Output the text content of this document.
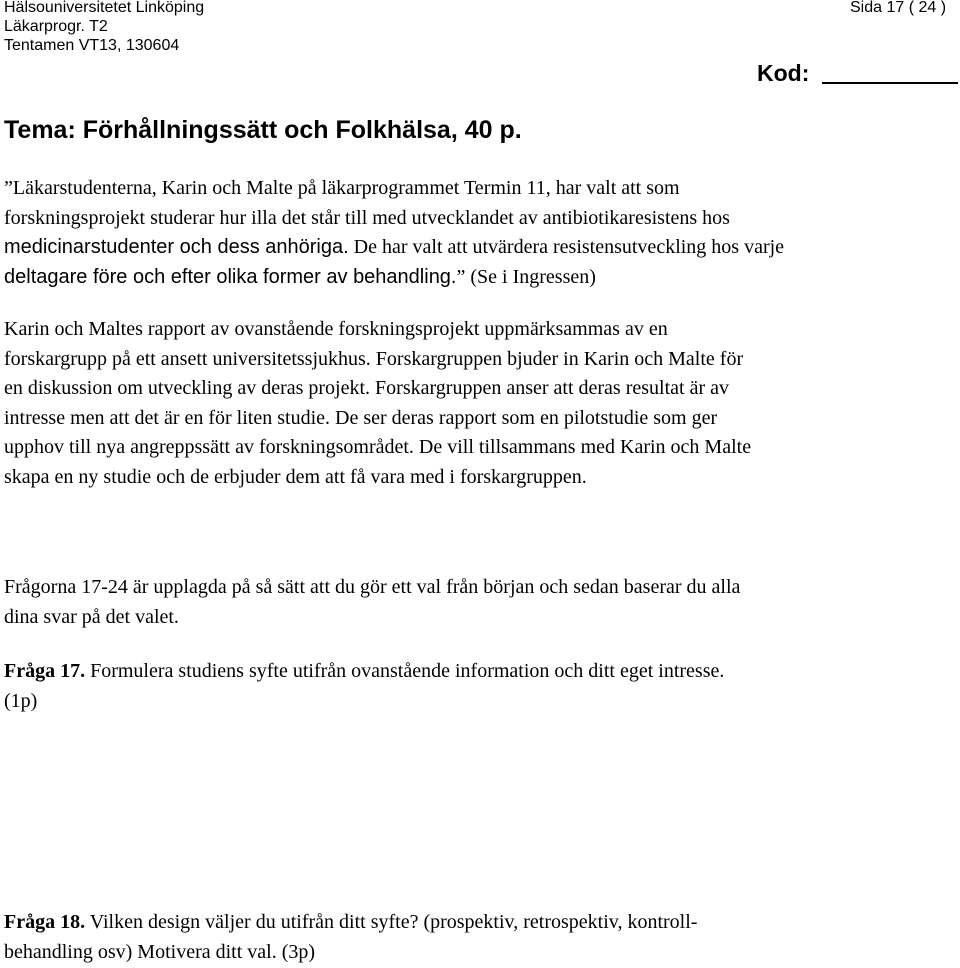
Hälsouniversitetet Linköping
Läkarprogr. T2
Tentamen VT13, 130604
Sida 17 ( 24 )
Kod:
Tema: Förhållningssätt och Folkhälsa, 40 p.
”Läkarstudenterna, Karin och Malte på läkarprogrammet Termin 11, har valt att som
forskningsprojekt studerar hur illa det står till med utvecklandet av antibiotikaresistens hos
medicinarstudenter och dess anhöriga. De har valt att utvärdera resistensutveckling hos varje
deltagare före och efter olika former av behandling.” (Se i Ingressen)
Karin och Maltes rapport av ovanstående forskningsprojekt uppmärksammas av en
forskargrupp på ett ansett universitetssjukhus. Forskargruppen bjuder in Karin och Malte för
en diskussion om utveckling av deras projekt. Forskargruppen anser att deras resultat är av
intresse men att det är en för liten studie. De ser deras rapport som en pilotstudie som ger
upphov till nya angreppssätt av forskningsområdet. De vill tillsammans med Karin och Malte
skapa en ny studie och de erbjuder dem att få vara med i forskargruppen.
Frågorna 17-24 är upplagda på så sätt att du gör ett val från början och sedan baserar du alla
dina svar på det valet.
Fråga 17. Formulera studiens syfte utifrån ovanstående information och ditt eget intresse.
(1p)
Fråga 18. Vilken design väljer du utifrån ditt syfte? (prospektiv, retrospektiv, kontroll-
behandling osv) Motivera ditt val. (3p)
